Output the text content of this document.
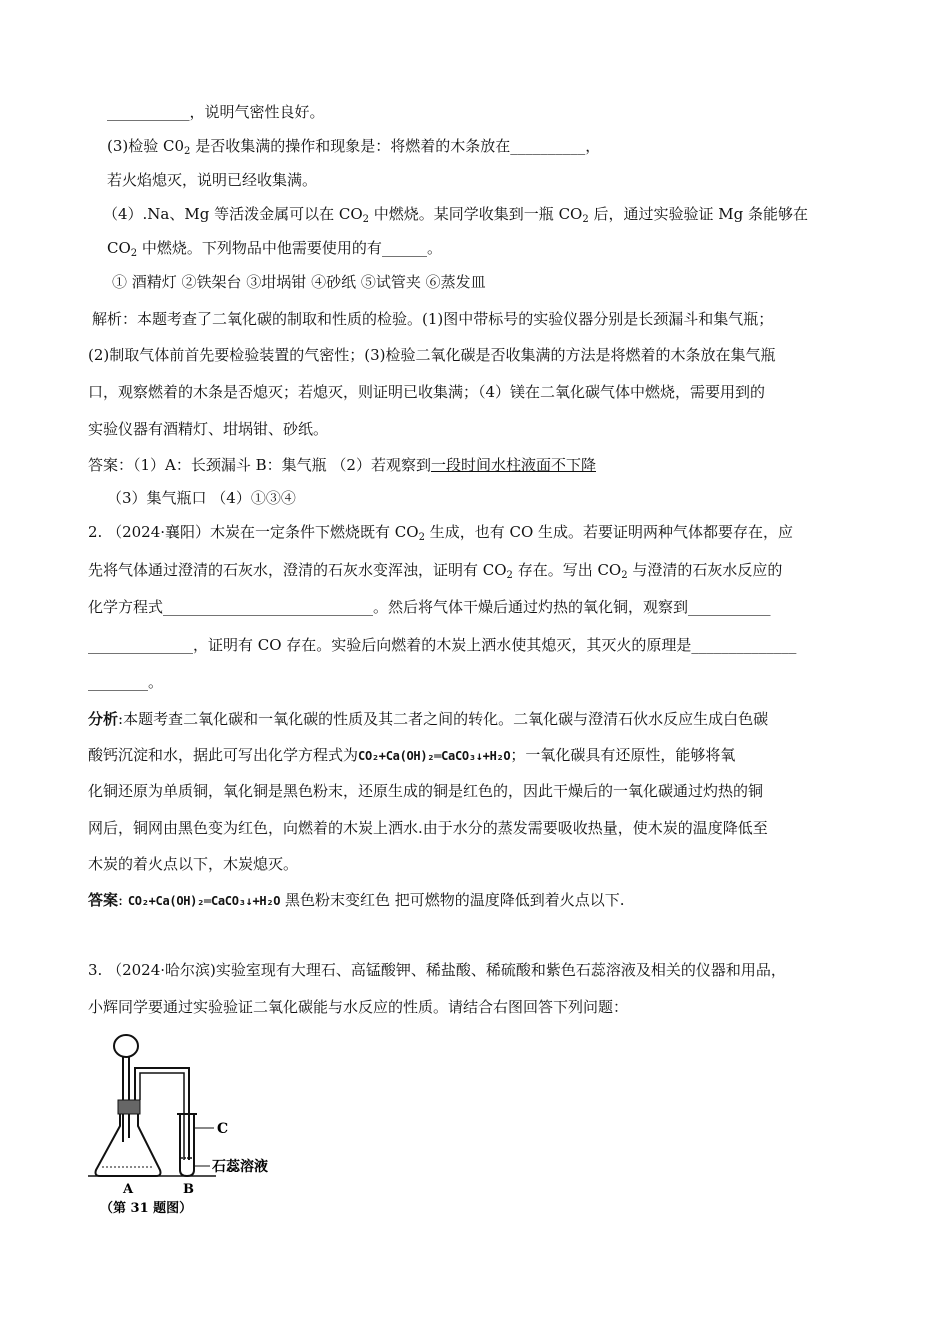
___________，说明气密性良好。
(3)检验 $C0_2$ 是否收集满的操作和现象是：将燃着的木条放在__________，
若火焰熄灭，说明已经收集满。
（4）.Na、Mg 等活泼金属可以在 $CO_2$ 中燃烧。某同学收集到一瓶 $CO_2$ 后，通过实验验证 Mg 条能够在
$CO_2$ 中燃烧。下列物品中他需要使用的有______。
① 酒精灯 ②铁架台 ③坩埚钳 ④砂纸 ⑤试管夹 ⑥蒸发皿
解析：本题考查了二氧化碳的制取和性质的检验。(1)图中带标号的实验仪器分别是长颈漏斗和集气瓶；
(2)制取气体前首先要检验装置的气密性；(3)检验二氧化碳是否收集满的方法是将燃着的木条放在集气瓶
口，观察燃着的木条是否熄灭；若熄灭，则证明已收集满；（4）镁在二氧化碳气体中燃烧，需要用到的
实验仪器有酒精灯、坩埚钳、砂纸。
答案：（1）A：长颈漏斗 B：集气瓶 （2）若观察到一段时间水柱液面不下降
（3）集气瓶口 （4）①③④
2. （2024·襄阳）木炭在一定条件下燃烧既有 $CO_2$ 生成，也有 CO 生成。若要证明两种气体都要存在，应
先将气体通过澄清的石灰水，澄清的石灰水变浑浊，证明有 $CO_2$ 存在。写出 $CO_2$ 与澄清的石灰水反应的
化学方程式____________________________。然后将气体干燥后通过灼热的氧化铜，观察到___________
______________，证明有 CO 存在。实验后向燃着的木炭上洒水使其熄灭，其灭火的原理是______________
________。
分析:本题考查二氧化碳和一氧化碳的性质及其二者之间的转化。二氧化碳与澄清石伙水反应生成白色碳
酸钙沉淀和水，据此可写出化学方程式为CO₂+Ca(OH)₂═CaCO₃↓+H₂O；一氧化碳具有还原性，能够将氧
化铜还原为单质铜，氧化铜是黑色粉末，还原生成的铜是红色的，因此干燥后的一氧化碳通过灼热的铜
网后，铜网由黑色变为红色，向燃着的木炭上洒水.由于水分的蒸发需要吸收热量，使木炭的温度降低至
木炭的着火点以下，木炭熄灭。
答案: CO₂+Ca(OH)₂═CaCO₃↓+H₂O 黑色粉末变红色 把可燃物的温度降低到着火点以下.
3. （2024·哈尔滨)实验室现有大理石、高锰酸钾、稀盐酸、稀硫酸和紫色石蕊溶液及相关的仪器和用品，
小辉同学要通过实验验证二氧化碳能与水反应的性质。请结合右图回答下列问题：
C
石蕊溶液
A	B
（第 31 题图）
